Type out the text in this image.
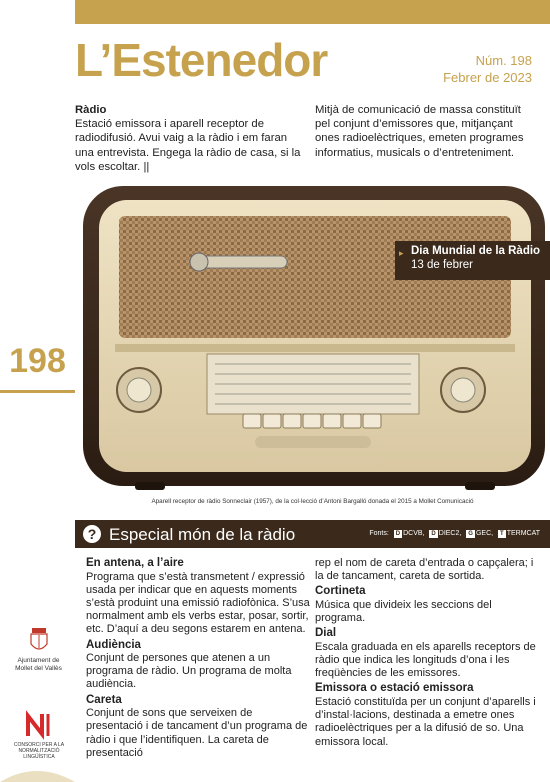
L’Estenedor	Núm. 198
Febrer de 2023
Ràdio
Estació emissora i aparell receptor de radiodifusió. Avui vaig a la ràdio i em faran una entrevista. Engega la ràdio de casa, si la vols escoltar. ||
Mitjà de comunicació de massa constituït pel conjunt d’emissores que, mitjançant ones radioelèctriques, emeten programes informatius, musicals o d’entreteniment.
▸ Dia Mundial de la Ràdio
13 de febrer
198
Aparell receptor de ràdio Sonneclair (1957), de la col·lecció d’Antoni Bargalló donada el 2015 a Mollet Comunicació
? Especial món de la ràdio	Fonts: D DCVB, D DIEC2, G GEC, T TERMCAT
En antena, a l’aire
Programa que s’està transmetent / expressió usada per indicar que en aquests moments s’està produint una emissió radiofònica. S’usa normalment amb els verbs estar, posar, sortir, etc. D’aquí a deu segons estarem en antena.
Audiència
Conjunt de persones que atenen a un programa de ràdio. Un programa de molta audiència.
Careta
Conjunt de sons que serveixen de presentació i de tancament d’un programa de ràdio i que l’identifiquen. La careta de presentació
rep el nom de careta d’entrada o capçalera; i la de tancament, careta de sortida.
Cortineta
Música que divideix les seccions del programa.
Dial
Escala graduada en els aparells receptors de ràdio que indica les longituds d’ona i les freqüències de les emissores.
Emissora o estació emissora
Estació constituïda per un conjunt d’aparells i d’instal·lacions, destinada a emetre ones radioelèctriques per a la difusió de so. Una emissora local.
Ajuntament de Mollet del Vallès
CONSORCI PER A LA NORMALITZACIÓ LINGÜÍSTICA
